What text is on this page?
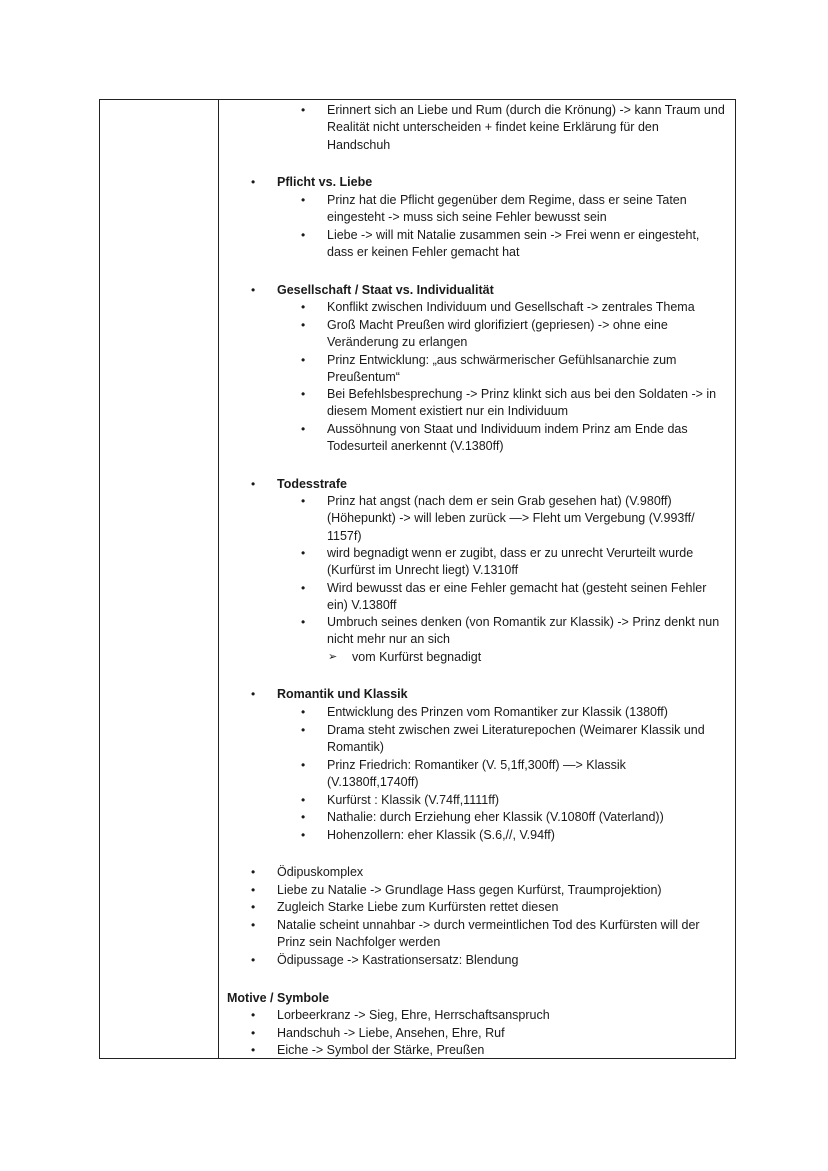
• Erinnert sich an Liebe und Rum (durch die Krönung) -> kann Traum und
Realität nicht unterscheiden + findet keine Erklärung für den
Handschuh
• Pflicht vs. Liebe
• Prinz hat die Pflicht gegenüber dem Regime, dass er seine Taten
eingesteht -> muss sich seine Fehler bewusst sein
• Liebe -> will mit Natalie zusammen sein -> Frei wenn er eingesteht,
dass er keinen Fehler gemacht hat
• Gesellschaft / Staat vs. Individualität
• Konflikt zwischen Individuum und Gesellschaft -> zentrales Thema
• Groß Macht Preußen wird glorifiziert (gepriesen) -> ohne eine
Veränderung zu erlangen
• Prinz Entwicklung: „aus schwärmerischer Gefühlsanarchie zum
Preußentum“
• Bei Befehlsbesprechung -> Prinz klinkt sich aus bei den Soldaten -> in
diesem Moment existiert nur ein Individuum
• Aussöhnung von Staat und Individuum indem Prinz am Ende das
Todesurteil anerkennt (V.1380ff)
• Todesstrafe
• Prinz hat angst (nach dem er sein Grab gesehen hat) (V.980ff)
(Höhepunkt) -> will leben zurück —> Fleht um Vergebung (V.993ff/
1157f)
• wird begnadigt wenn er zugibt, dass er zu unrecht Verurteilt wurde
(Kurfürst im Unrecht liegt) V.1310ff
• Wird bewusst das er eine Fehler gemacht hat (gesteht seinen Fehler
ein) V.1380ff
• Umbruch seines denken (von Romantik zur Klassik) -> Prinz denkt nun
nicht mehr nur an sich
➢ vom Kurfürst begnadigt
• Romantik und Klassik
• Entwicklung des Prinzen vom Romantiker zur Klassik (1380ff)
• Drama steht zwischen zwei Literaturepochen (Weimarer Klassik und
Romantik)
• Prinz Friedrich: Romantiker (V. 5,1ff,300ff) —> Klassik
(V.1380ff,1740ff)
• Kurfürst : Klassik (V.74ff,1111ff)
• Nathalie: durch Erziehung eher Klassik (V.1080ff (Vaterland))
• Hohenzollern: eher Klassik (S.6,//, V.94ff)
• Ödipuskomplex
• Liebe zu Natalie -> Grundlage Hass gegen Kurfürst, Traumprojektion)
• Zugleich Starke Liebe zum Kurfürsten rettet diesen
• Natalie scheint unnahbar -> durch vermeintlichen Tod des Kurfürsten will der
Prinz sein Nachfolger werden
• Ödipussage -> Kastrationsersatz: Blendung
Motive / Symbole
• Lorbeerkranz -> Sieg, Ehre, Herrschaftsanspruch
• Handschuh -> Liebe, Ansehen, Ehre, Ruf
• Eiche -> Symbol der Stärke, Preußen
